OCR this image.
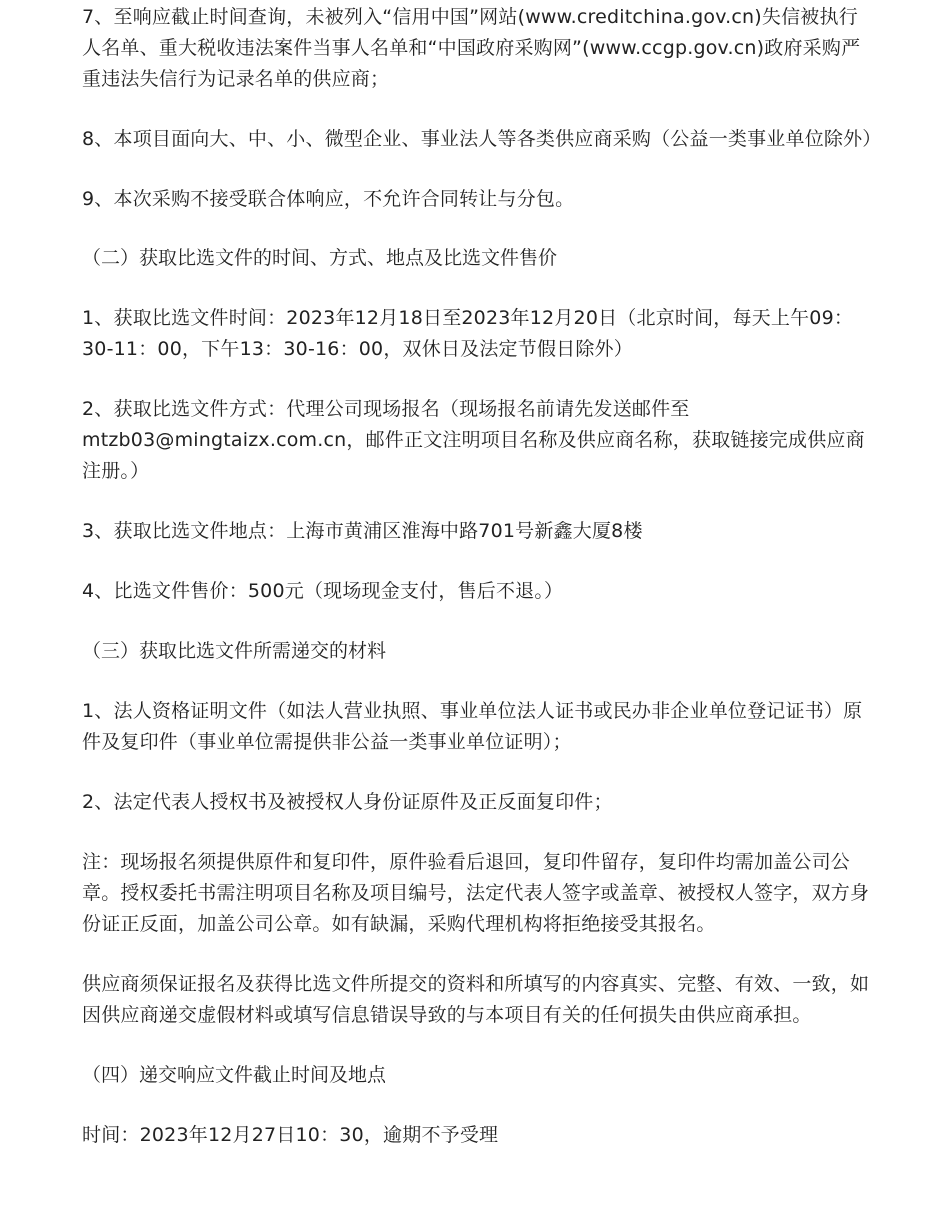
7、至响应截止时间查询，未被列入“信用中国”网站(www.creditchina.gov.cn)失信被执行人名单、重大税收违法案件当事人名单和“中国政府采购网”(www.ccgp.gov.cn)政府采购严重违法失信行为记录名单的供应商；

8、本项目面向大、中、小、微型企业、事业法人等各类供应商采购（公益一类事业单位除外）

9、本次采购不接受联合体响应，不允许合同转让与分包。

（二）获取比选文件的时间、方式、地点及比选文件售价

1、获取比选文件时间：2023年12月18日至2023年12月20日（北京时间，每天上午09：30-11：00，下午13：30-16：00，双休日及法定节假日除外）

2、获取比选文件方式：代理公司现场报名（现场报名前请先发送邮件至mtzb03@mingtaizx.com.cn，邮件正文注明项目名称及供应商名称，获取链接完成供应商注册。）

3、获取比选文件地点：上海市黄浦区淮海中路701号新鑫大厦8楼

4、比选文件售价：500元（现场现金支付，售后不退。）

（三）获取比选文件所需递交的材料

1、法人资格证明文件（如法人营业执照、事业单位法人证书或民办非企业单位登记证书）原件及复印件（事业单位需提供非公益一类事业单位证明）；

2、法定代表人授权书及被授权人身份证原件及正反面复印件；

注：现场报名须提供原件和复印件，原件验看后退回，复印件留存，复印件均需加盖公司公章。授权委托书需注明项目名称及项目编号，法定代表人签字或盖章、被授权人签字，双方身份证正反面，加盖公司公章。如有缺漏，采购代理机构将拒绝接受其报名。

供应商须保证报名及获得比选文件所提交的资料和所填写的内容真实、完整、有效、一致，如因供应商递交虚假材料或填写信息错误导致的与本项目有关的任何损失由供应商承担。

（四）递交响应文件截止时间及地点

时间：2023年12月27日10：30，逾期不予受理
